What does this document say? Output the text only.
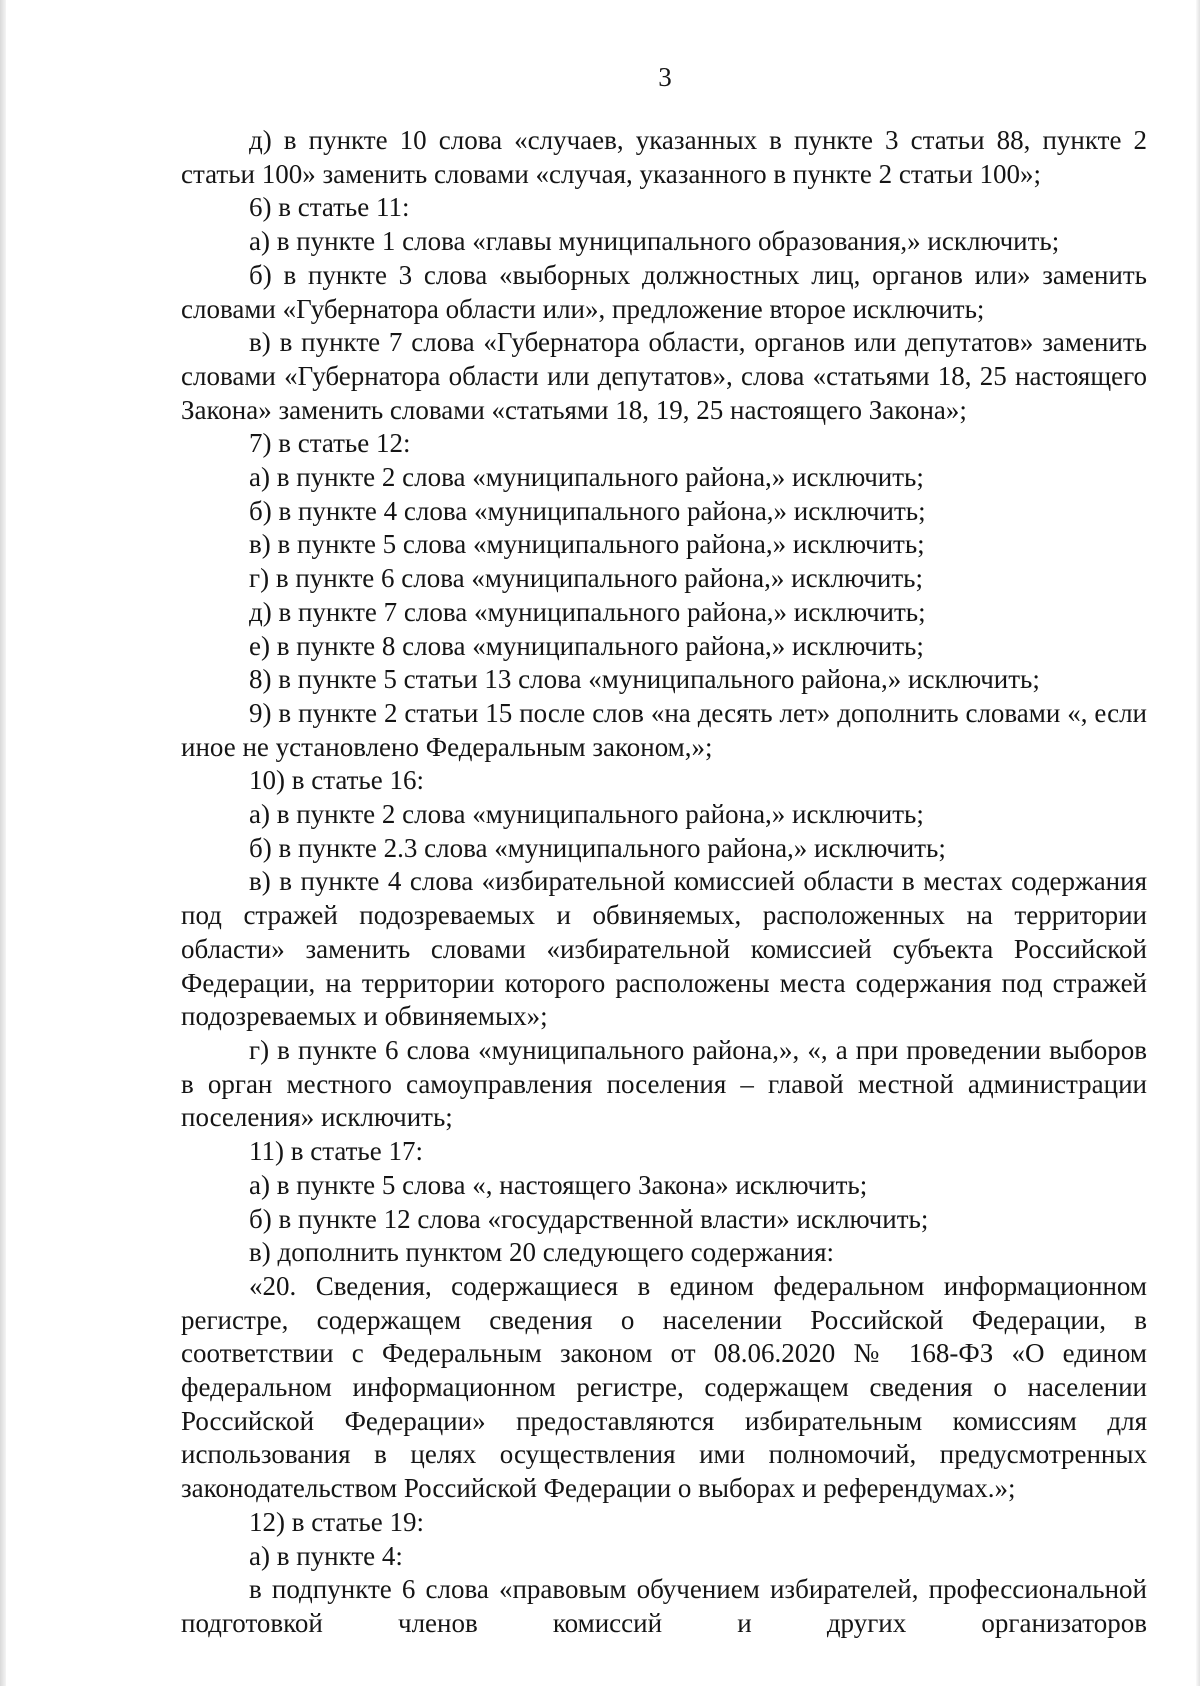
3

д) в пункте 10 слова «случаев, указанных в пункте 3 статьи 88, пункте 2 статьи 100» заменить словами «случая, указанного в пункте 2 статьи 100»;

6) в статье 11:

а) в пункте 1 слова «главы муниципального образования,» исключить;

б) в пункте 3 слова «выборных должностных лиц, органов или» заменить словами «Губернатора области или», предложение второе исключить;

в) в пункте 7 слова «Губернатора области, органов или депутатов» заменить словами «Губернатора области или депутатов», слова «статьями 18, 25 настоящего Закона» заменить словами «статьями 18, 19, 25 настоящего Закона»;

7) в статье 12:

а) в пункте 2 слова «муниципального района,» исключить;

б) в пункте 4 слова «муниципального района,» исключить;

в) в пункте 5 слова «муниципального района,» исключить;

г) в пункте 6 слова «муниципального района,» исключить;

д) в пункте 7 слова «муниципального района,» исключить;

е) в пункте 8 слова «муниципального района,» исключить;

8) в пункте 5 статьи 13 слова «муниципального района,» исключить;

9) в пункте 2 статьи 15 после слов «на десять лет» дополнить словами «, если иное не установлено Федеральным законом,»;

10) в статье 16:

а) в пункте 2 слова «муниципального района,» исключить;

б) в пункте 2.3 слова «муниципального района,» исключить;

в) в пункте 4 слова «избирательной комиссией области в местах содержания под стражей подозреваемых и обвиняемых, расположенных на территории области» заменить словами «избирательной комиссией субъекта Российской Федерации, на территории которого расположены места содержания под стражей подозреваемых и обвиняемых»;

г) в пункте 6 слова «муниципального района,», «, а при проведении выборов в орган местного самоуправления поселения – главой местной администрации поселения» исключить;

11) в статье 17:

а) в пункте 5 слова «, настоящего Закона» исключить;

б) в пункте 12 слова «государственной власти» исключить;

в) дополнить пунктом 20 следующего содержания:

«20. Сведения, содержащиеся в едином федеральном информационном регистре, содержащем сведения о населении Российской Федерации, в соответствии с Федеральным законом от 08.06.2020 № 168-ФЗ «О едином федеральном информационном регистре, содержащем сведения о населении Российской Федерации» предоставляются избирательным комиссиям для использования в целях осуществления ими полномочий, предусмотренных законодательством Российской Федерации о выборах и референдумах.»;

12) в статье 19:

а) в пункте 4:

в подпункте 6 слова «правовым обучением избирателей, профессиональной подготовкой членов комиссий и других организаторов
